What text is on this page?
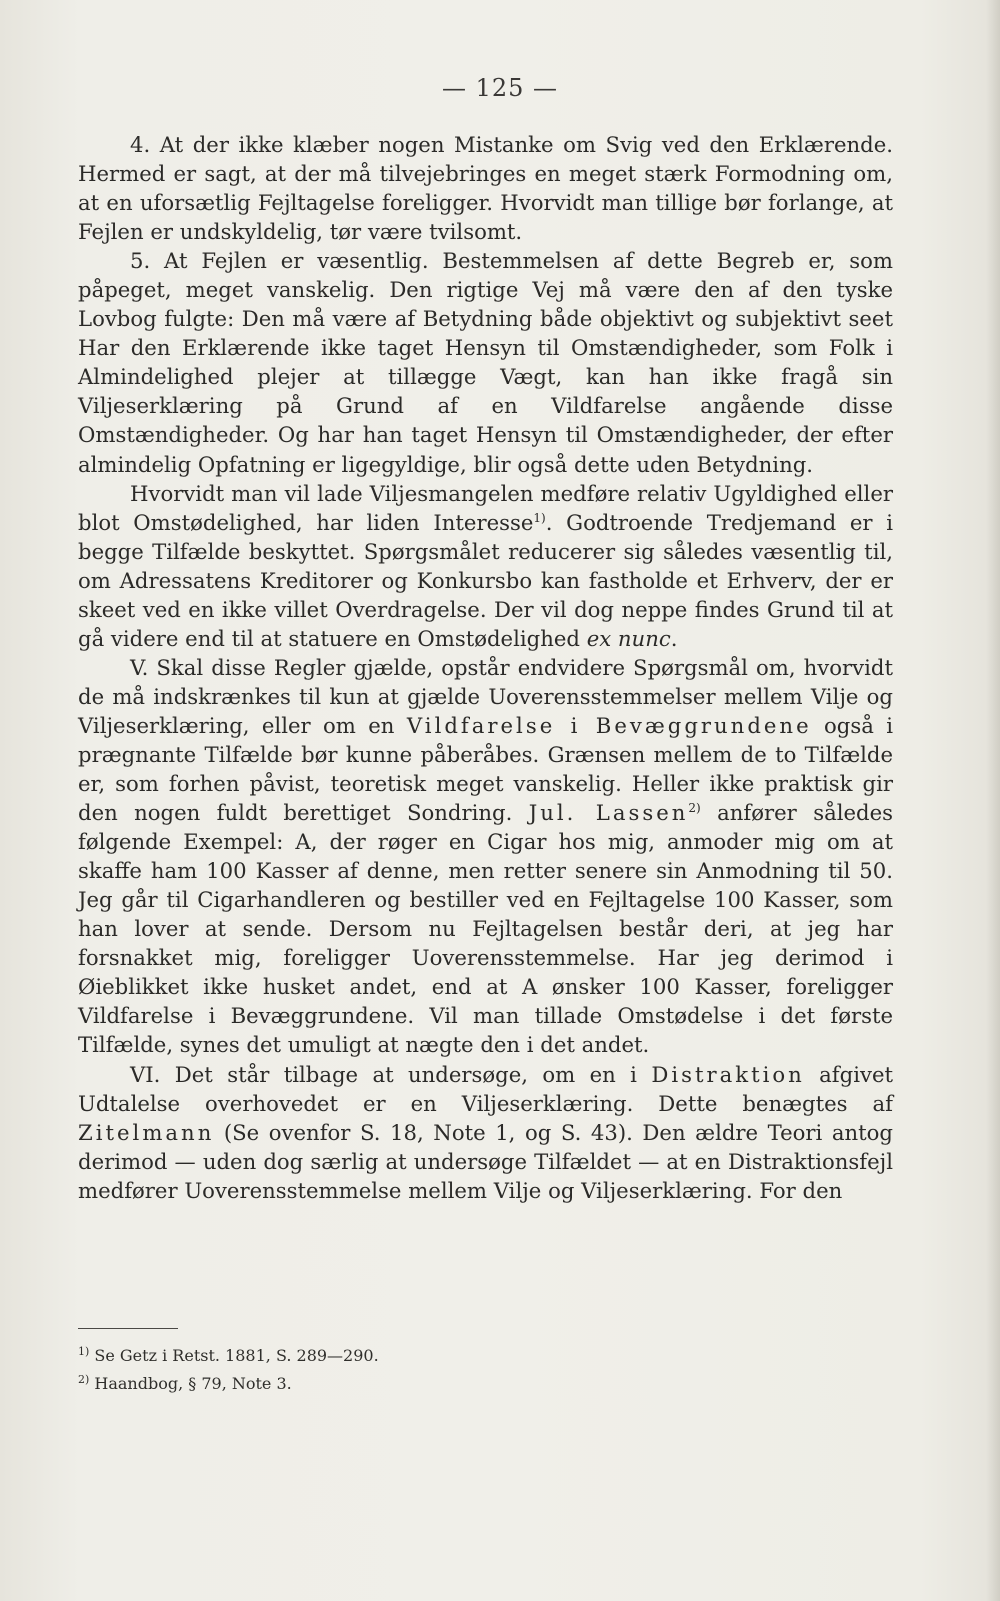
— 125 —

4. At der ikke klæber nogen Mistanke om Svig ved den Erklærende. Hermed er sagt, at der må tilvejebringes en meget stærk Formodning om, at en uforsætlig Fejltagelse foreligger. Hvorvidt man tillige bør forlange, at Fejlen er undskyldelig, tør være tvilsomt.

5. At Fejlen er væsentlig. Bestemmelsen af dette Begreb er, som påpeget, meget vanskelig. Den rigtige Vej må være den af den tyske Lovbog fulgte: Den må være af Betydning både objektivt og subjektivt seet Har den Erklærende ikke taget Hensyn til Omstændigheder, som Folk i Almindelighed plejer at tillægge Vægt, kan han ikke fragå sin Viljeserklæring på Grund af en Vildfarelse angående disse Omstændigheder. Og har han taget Hensyn til Omstændigheder, der efter almindelig Opfatning er ligegyldige, blir også dette uden Betydning.

Hvorvidt man vil lade Viljesmangelen medføre relativ Ugyldighed eller blot Omstødelighed, har liden Interesse$^{1)}$. Godtroende Tredjemand er i begge Tilfælde beskyttet. Spørgsmålet reducerer sig således væsentlig til, om Adressatens Kreditorer og Konkursbo kan fastholde et Erhverv, der er skeet ved en ikke villet Overdragelse. Der vil dog neppe findes Grund til at gå videre end til at statuere en Omstødelighed ex nunc.

V. Skal disse Regler gjælde, opstår endvidere Spørgsmål om, hvorvidt de må indskrænkes til kun at gjælde Uoverensstemmelser mellem Vilje og Viljeserklæring, eller om en Vildfarelse i Bevæggrundene også i prægnante Tilfælde bør kunne påberåbes. Grænsen mellem de to Tilfælde er, som forhen påvist, teoretisk meget vanskelig. Heller ikke praktisk gir den nogen fuldt berettiget Sondring. Jul. Lassen$^{2)}$ anfører således følgende Exempel: A, der røger en Cigar hos mig, anmoder mig om at skaffe ham 100 Kasser af denne, men retter senere sin Anmodning til 50. Jeg går til Cigarhandleren og bestiller ved en Fejltagelse 100 Kasser, som han lover at sende. Dersom nu Fejltagelsen består deri, at jeg har forsnakket mig, foreligger Uoverensstemmelse. Har jeg derimod i Øieblikket ikke husket andet, end at A ønsker 100 Kasser, foreligger Vildfarelse i Bevæggrundene. Vil man tillade Omstødelse i det første Tilfælde, synes det umuligt at nægte den i det andet.

VI. Det står tilbage at undersøge, om en i Distraktion afgivet Udtalelse overhovedet er en Viljeserklæring. Dette benægtes af Zitelmann (Se ovenfor S. 18, Note 1, og S. 43). Den ældre Teori antog derimod — uden dog særlig at undersøge Tilfældet — at en Distraktionsfejl medfører Uoverensstemmelse mellem Vilje og Viljeserklæring. For den

$^{1)}$ Se Getz i Retst. 1881, S. 289—290.
$^{2)}$ Haandbog, § 79, Note 3.
